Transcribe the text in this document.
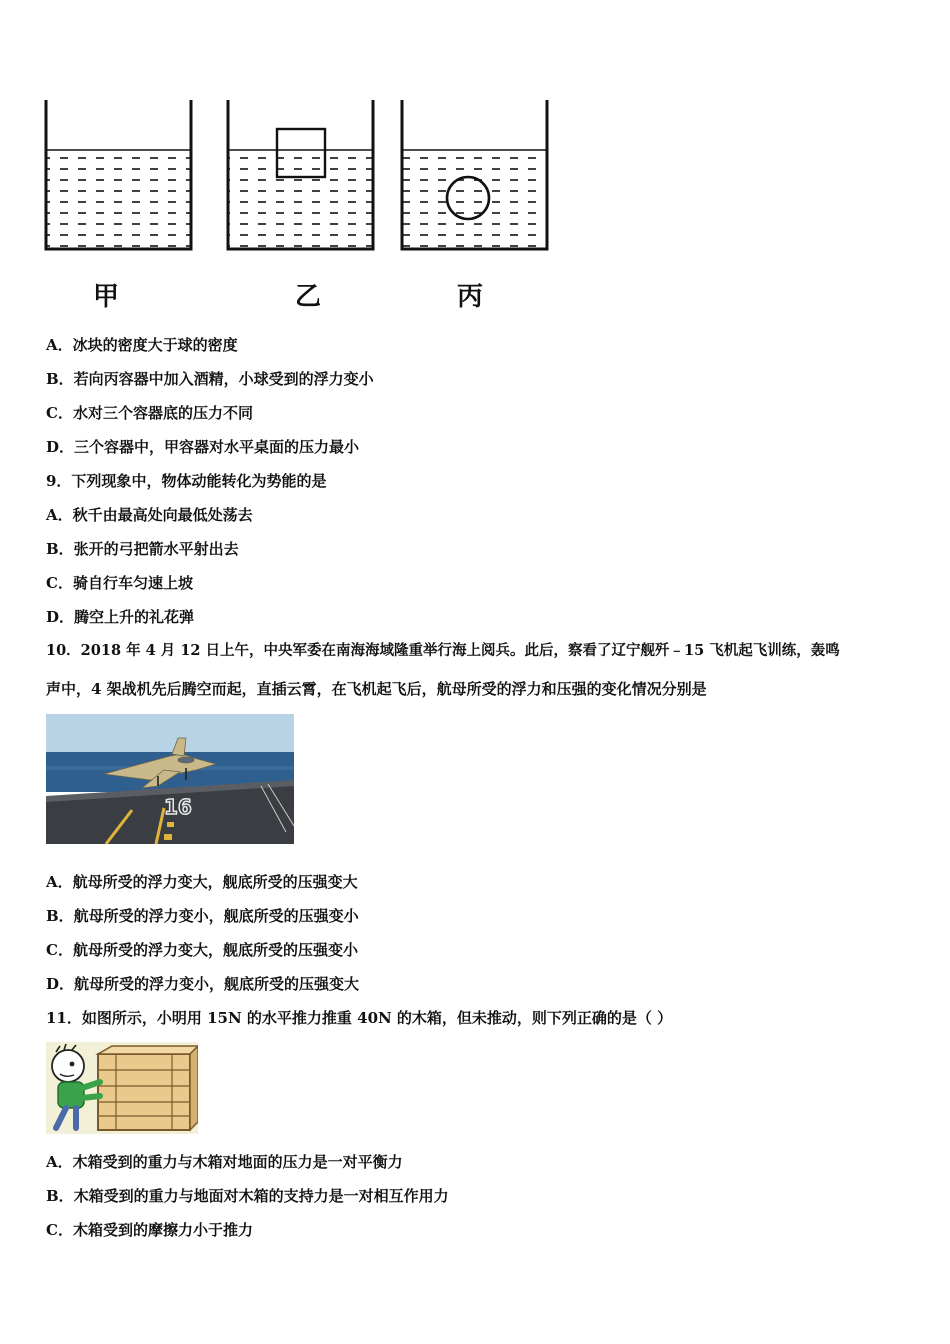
甲	乙	丙
A．冰块的密度大于球的密度
B．若向丙容器中加入酒精，小球受到的浮力变小
C．水对三个容器底的压力不同
D．三个容器中，甲容器对水平桌面的压力最小
9．下列现象中，物体动能转化为势能的是
A．秋千由最高处向最低处荡去
B．张开的弓把箭水平射出去
C．骑自行车匀速上坡
D．腾空上升的礼花弹
10．2018 年 4 月 12 日上午，中央军委在南海海域隆重举行海上阅兵。此后，察看了辽宁舰歼﹣15 飞机起飞训练，轰鸣
声中，4 架战机先后腾空而起，直插云霄，在飞机起飞后，航母所受的浮力和压强的变化情况分别是
16
A．航母所受的浮力变大，舰底所受的压强变大
B．航母所受的浮力变小，舰底所受的压强变小
C．航母所受的浮力变大，舰底所受的压强变小
D．航母所受的浮力变小，舰底所受的压强变大
11．如图所示，小明用 15N 的水平推力推重 40N 的木箱，但未推动，则下列正确的是（ ）
A．木箱受到的重力与木箱对地面的压力是一对平衡力
B．木箱受到的重力与地面对木箱的支持力是一对相互作用力
C．木箱受到的摩擦力小于推力
